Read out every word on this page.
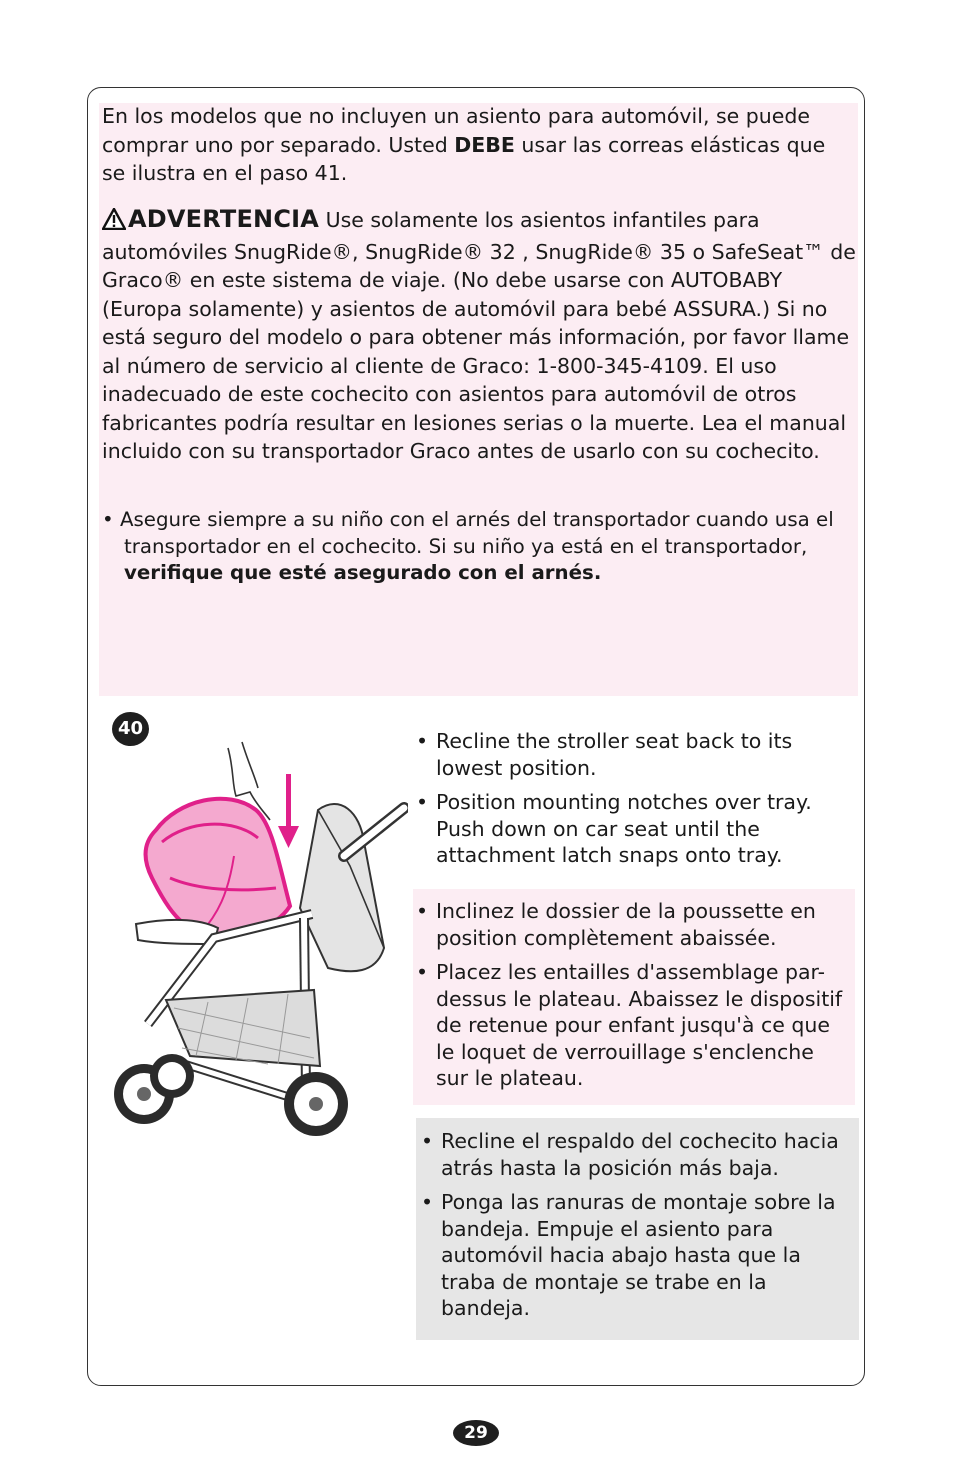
En los modelos que no incluyen un asiento para automóvil, se puede comprar uno por separado. Usted DEBE usar las correas elásticas que se ilustra en el paso 41.

ADVERTENCIA Use solamente los asientos infantiles para automóviles SnugRide®, SnugRide® 32 , SnugRide® 35 o SafeSeat™ de Graco® en este sistema de viaje. (No debe usarse con AUTOBABY (Europa solamente) y asientos de automóvil para bebé ASSURA.) Si no está seguro del modelo o para obtener más información, por favor llame al número de servicio al cliente de Graco: 1-800-345-4109. El uso inadecuado de este cochecito con asientos para automóvil de otros fabricantes podría resultar en lesiones serias o la muerte. Lea el manual incluido con su transportador Graco antes de usarlo con su cochecito.

• Asegure siempre a su niño con el arnés del transportador cuando usa el transportador en el cochecito. Si su niño ya está en el transportador, verifique que esté asegurado con el arnés.

40
• Recline the stroller seat back to its lowest position.
• Position mounting notches over tray. Push down on car seat until the attachment latch snaps onto tray.
• Inclinez le dossier de la poussette en position complètement abaissée.
• Placez les entailles d'assemblage par-dessus le plateau. Abaissez le dispositif de retenue pour enfant jusqu'à ce que le loquet de verrouillage s'enclenche sur le plateau.
• Recline el respaldo del cochecito hacia atrás hasta la posición más baja.
• Ponga las ranuras de montaje sobre la bandeja. Empuje el asiento para automóvil hacia abajo hasta que la traba de montaje se trabe en la bandeja.
29
